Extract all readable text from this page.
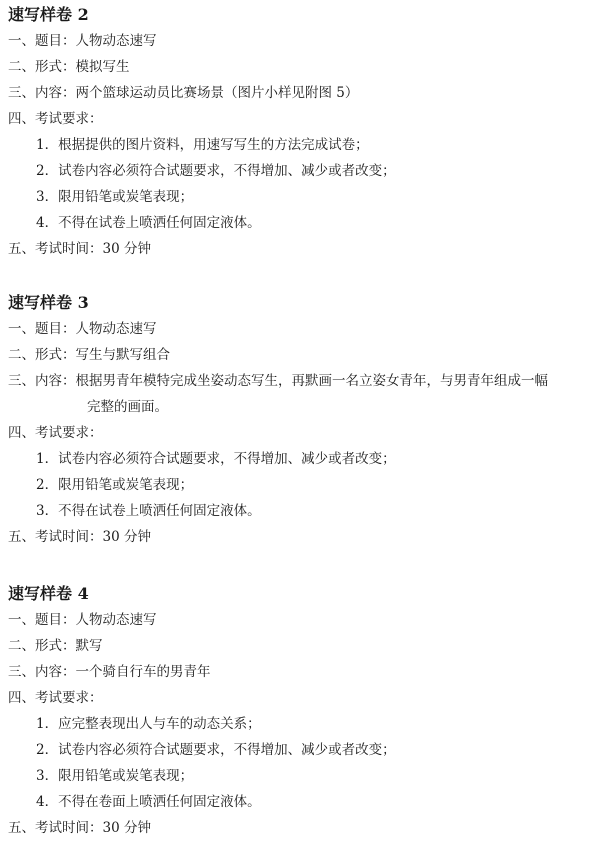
速写样卷 2
一、题目：人物动态速写
二、形式：模拟写生
三、内容：两个篮球运动员比赛场景（图片小样见附图 5）
四、考试要求：
1．根据提供的图片资料，用速写写生的方法完成试卷；
2．试卷内容必须符合试题要求，不得增加、减少或者改变；
3．限用铅笔或炭笔表现；
4．不得在试卷上喷洒任何固定液体。
五、考试时间：30 分钟
速写样卷 3
一、题目：人物动态速写
二、形式：写生与默写组合
三、内容：根据男青年模特完成坐姿动态写生，再默画一名立姿女青年，与男青年组成一幅
完整的画面。
四、考试要求：
1．试卷内容必须符合试题要求，不得增加、减少或者改变；
2．限用铅笔或炭笔表现；
3．不得在试卷上喷洒任何固定液体。
五、考试时间：30 分钟
速写样卷 4
一、题目：人物动态速写
二、形式：默写
三、内容：一个骑自行车的男青年
四、考试要求：
1．应完整表现出人与车的动态关系；
2．试卷内容必须符合试题要求，不得增加、减少或者改变；
3．限用铅笔或炭笔表现；
4．不得在卷面上喷洒任何固定液体。
五、考试时间：30 分钟
